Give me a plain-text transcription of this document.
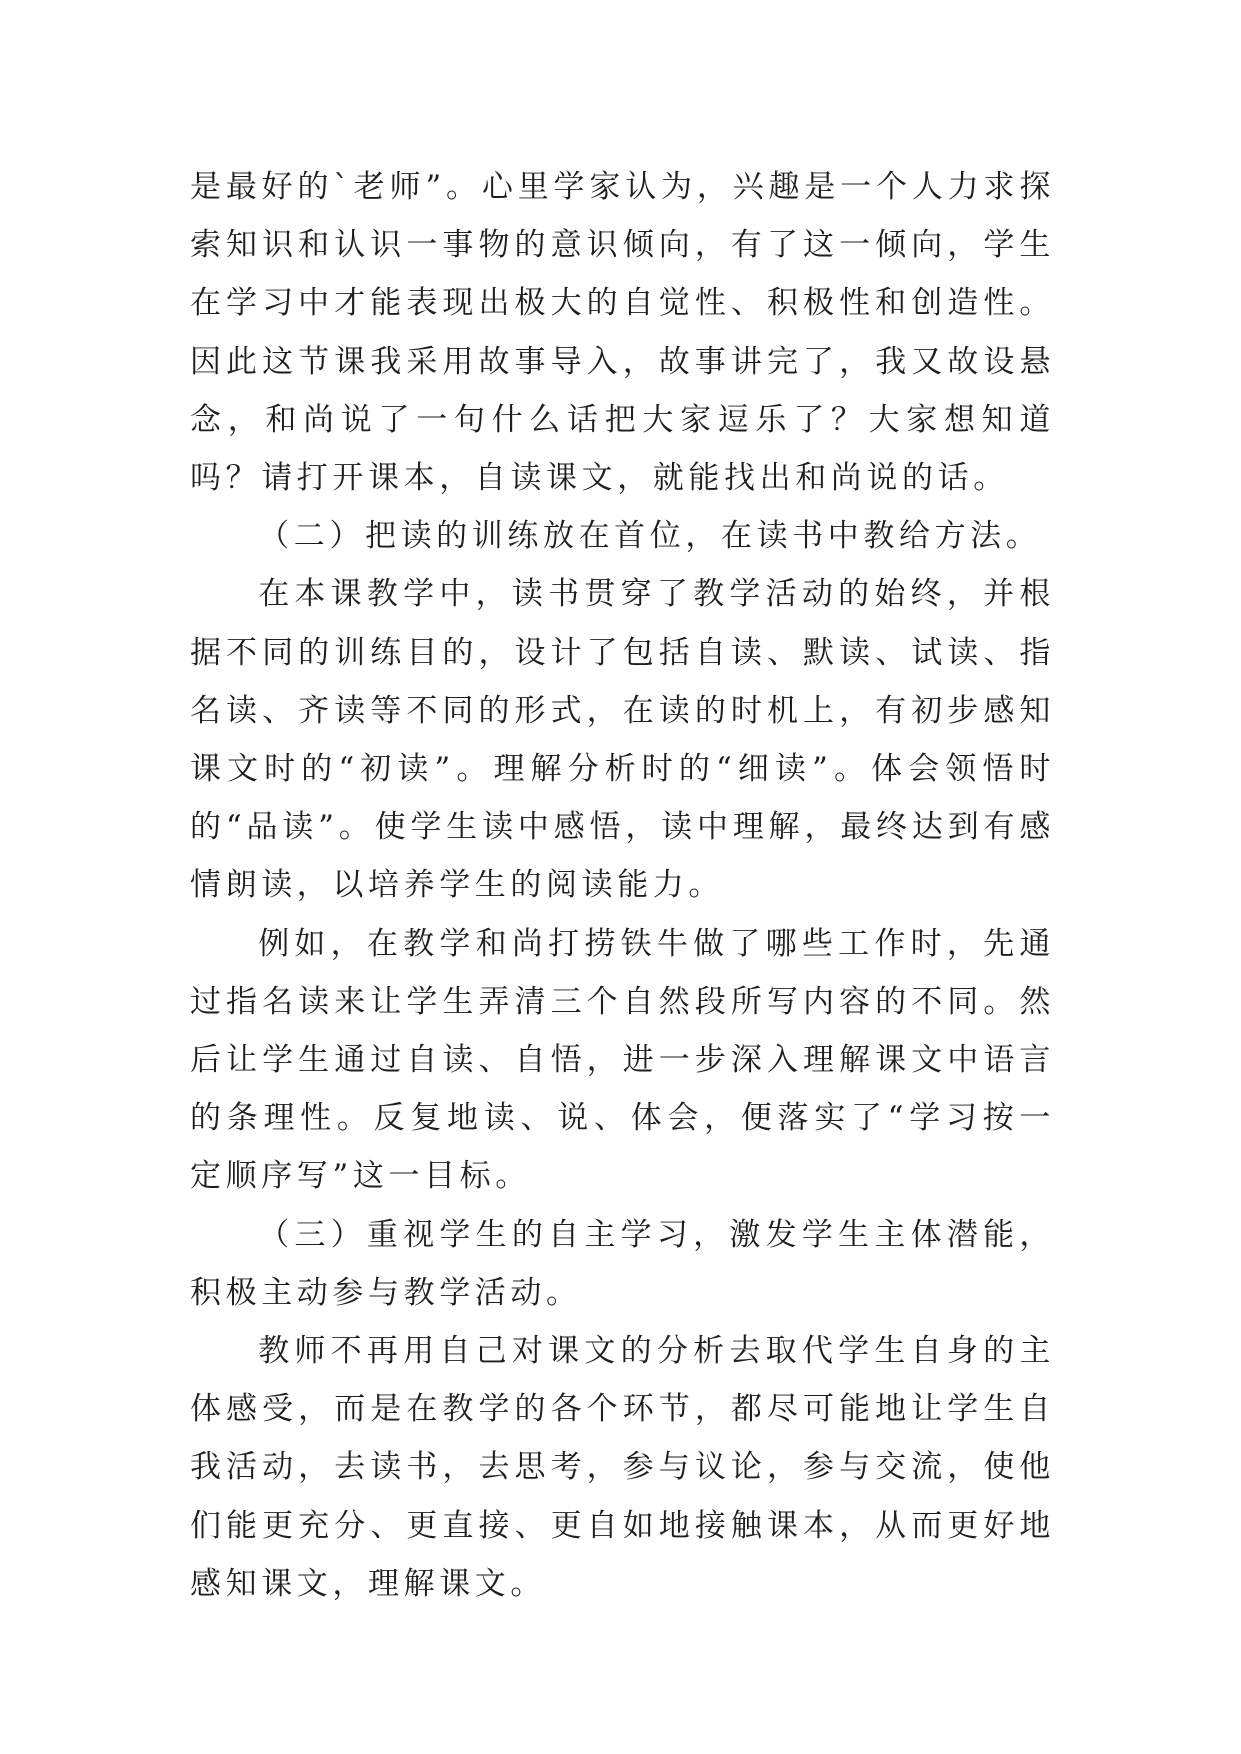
是最好的`老师”。心里学家认为，兴趣是一个人力求探索知识和认识一事物的意识倾向，有了这一倾向，学生在学习中才能表现出极大的自觉性、积极性和创造性。因此这节课我采用故事导入，故事讲完了，我又故设悬念，和尚说了一句什么话把大家逗乐了？大家想知道吗？请打开课本，自读课文，就能找出和尚说的话。

（二）把读的训练放在首位，在读书中教给方法。

在本课教学中，读书贯穿了教学活动的始终，并根据不同的训练目的，设计了包括自读、默读、试读、指名读、齐读等不同的形式，在读的时机上，有初步感知课文时的“初读”。理解分析时的“细读”。体会领悟时的“品读”。使学生读中感悟，读中理解，最终达到有感情朗读，以培养学生的阅读能力。

例如，在教学和尚打捞铁牛做了哪些工作时，先通过指名读来让学生弄清三个自然段所写内容的不同。然后让学生通过自读、自悟，进一步深入理解课文中语言的条理性。反复地读、说、体会，便落实了“学习按一定顺序写”这一目标。

（三）重视学生的自主学习，激发学生主体潜能，积极主动参与教学活动。

教师不再用自己对课文的分析去取代学生自身的主体感受，而是在教学的各个环节，都尽可能地让学生自我活动，去读书，去思考，参与议论，参与交流，使他们能更充分、更直接、更自如地接触课本，从而更好地感知课文，理解课文。
